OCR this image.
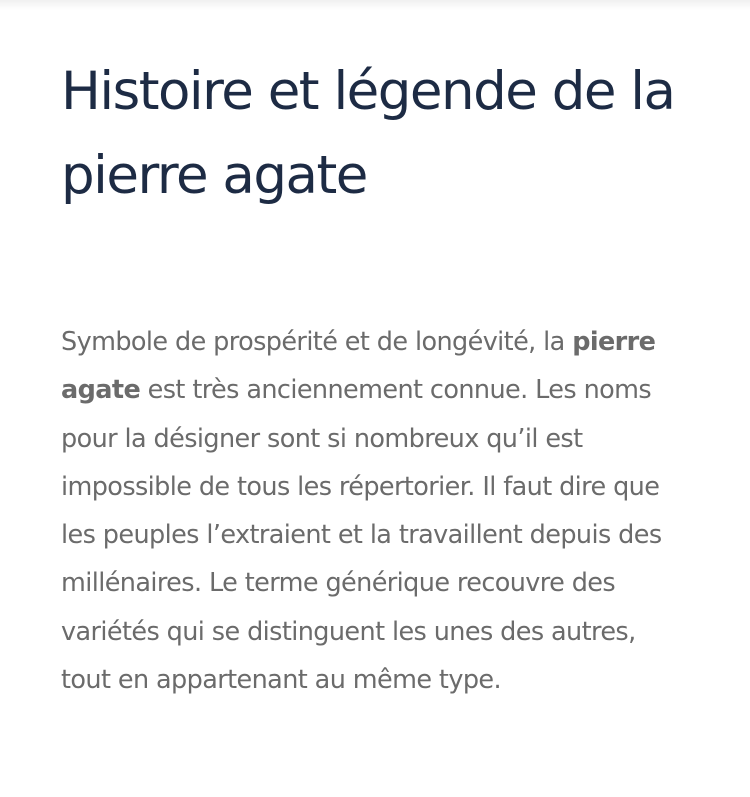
Histoire et légende de la pierre agate

Symbole de prospérité et de longévité, la pierre agate est très anciennement connue. Les noms pour la désigner sont si nombreux qu’il est impossible de tous les répertorier. Il faut dire que les peuples l’extraient et la travaillent depuis des millénaires. Le terme générique recouvre des variétés qui se distinguent les unes des autres, tout en appartenant au même type.
